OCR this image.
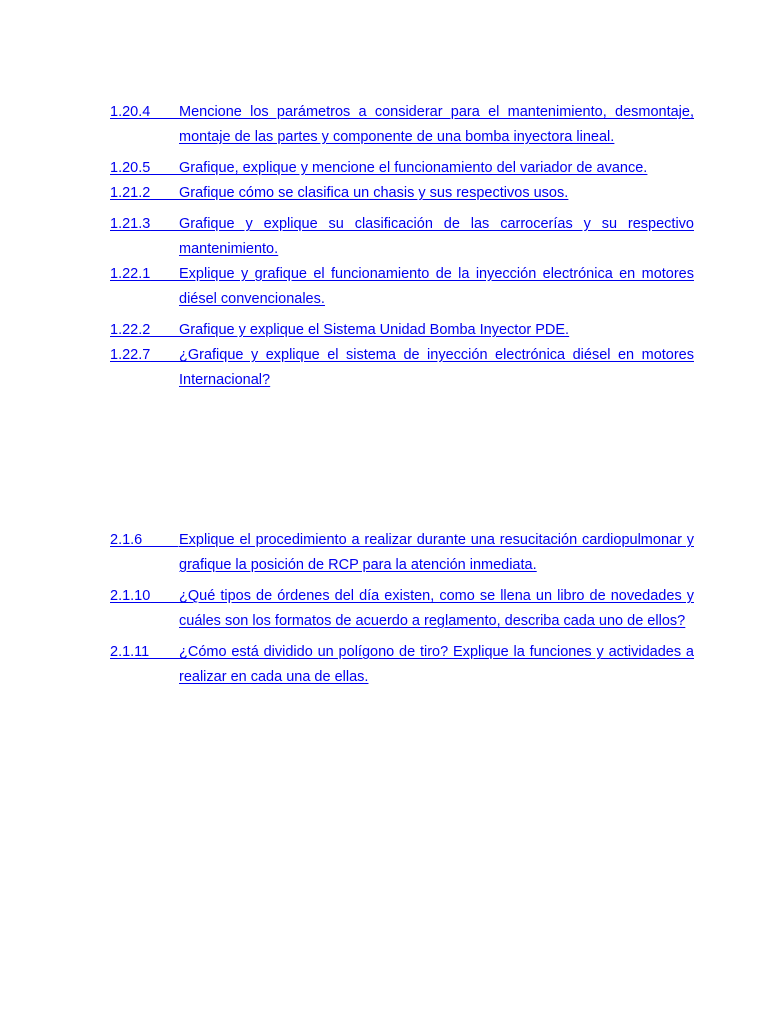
1.20.4	Mencione los parámetros a considerar para el mantenimiento, desmontaje, montaje de las partes y componente de una bomba inyectora lineal.
1.20.5	Grafique, explique y mencione el funcionamiento del variador de avance.
1.21.2	Grafique cómo se clasifica un chasis y sus respectivos usos.
1.21.3	Grafique y explique su clasificación de las carrocerías y su respectivo mantenimiento.
1.22.1	Explique y grafique el funcionamiento de la inyección electrónica en motores diésel convencionales.
1.22.2	Grafique y explique el Sistema Unidad Bomba Inyector PDE.
1.22.7	¿Grafique y explique el sistema de inyección electrónica diésel en motores Internacional?
2.1.6	Explique el procedimiento a realizar durante una resucitación cardiopulmonar y grafique la posición de RCP para la atención inmediata.
2.1.10	¿Qué tipos de órdenes del día existen, como se llena un libro de novedades y cuáles son los formatos de acuerdo a reglamento, describa cada uno de ellos?
2.1.11	¿Cómo está dividido un polígono de tiro? Explique la funciones y actividades a realizar en cada una de ellas.
